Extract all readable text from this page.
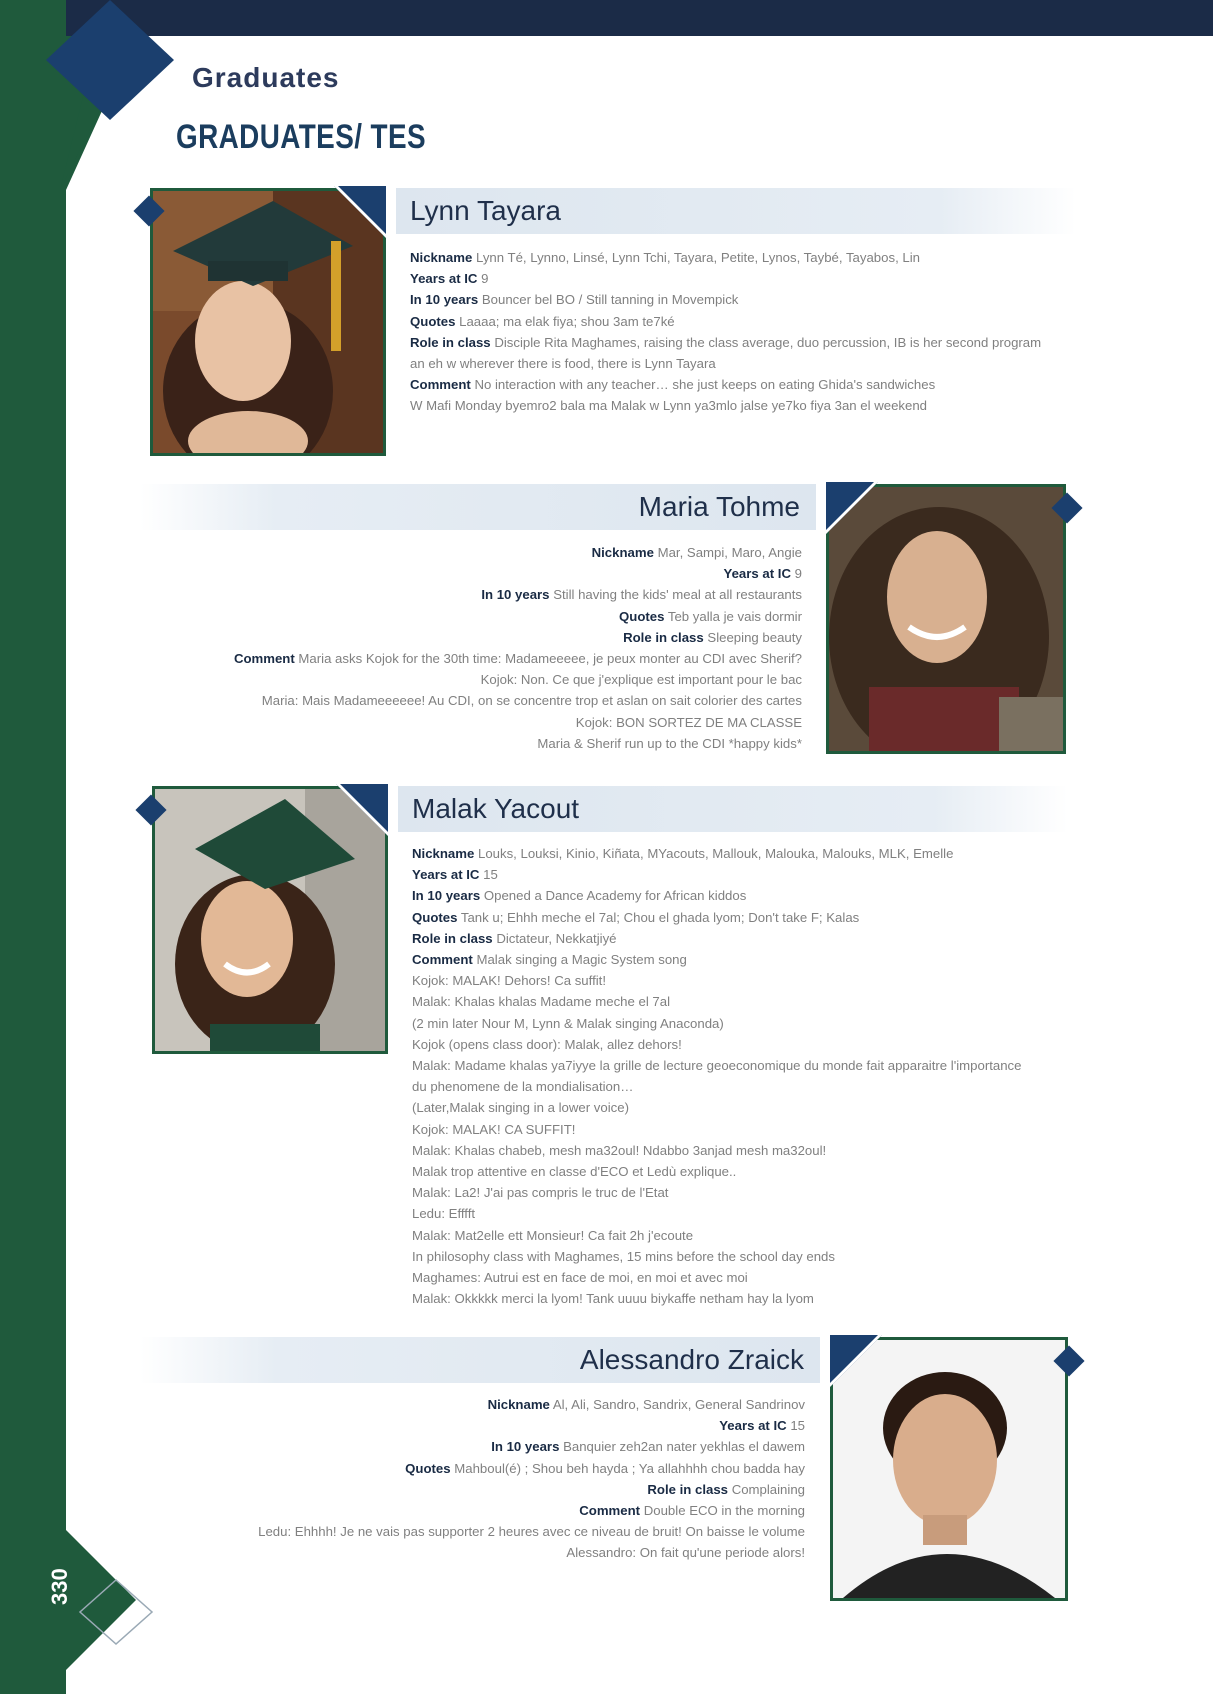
Graduates
GRADUATES/ TES
330
Lynn Tayara
Nickname Lynn Té, Lynno, Linsé, Lynn Tchi, Tayara, Petite, Lynos, Taybé, Tayabos, Lin
Years at IC 9
In 10 years Bouncer bel BO / Still tanning in Movempick
Quotes Laaaa; ma elak fiya; shou 3am te7ké
Role in class Disciple Rita Maghames, raising the class average, duo percussion, IB is her second program
an eh w wherever there is food, there is Lynn Tayara
Comment No interaction with any teacher… she just keeps on eating Ghida's sandwiches
W Mafi Monday byemro2 bala ma Malak w Lynn ya3mlo jalse ye7ko fiya 3an el weekend
Maria Tohme
Nickname Mar, Sampi, Maro, Angie
Years at IC 9
In 10 years Still having the kids' meal at all restaurants
Quotes Teb yalla je vais dormir
Role in class Sleeping beauty
Comment Maria asks Kojok for the 30th time: Madameeeee, je peux monter au CDI avec Sherif?
Kojok: Non. Ce que j'explique est important pour le bac
Maria: Mais Madameeeeee! Au CDI, on se concentre trop et aslan on sait colorier des cartes
Kojok: BON SORTEZ DE MA CLASSE
Maria & Sherif run up to the CDI *happy kids*
Malak Yacout
Nickname Louks, Louksi, Kinio, Kiñata, MYacouts, Mallouk, Malouka, Malouks, MLK, Emelle
Years at IC 15
In 10 years Opened a Dance Academy for African kiddos
Quotes Tank u; Ehhh meche el 7al; Chou el ghada lyom; Don't take F; Kalas
Role in class Dictateur, Nekkatjiyé
Comment Malak singing a Magic System song
Kojok: MALAK! Dehors! Ca suffit!
Malak: Khalas khalas Madame meche el 7al
(2 min later Nour M, Lynn & Malak singing Anaconda)
Kojok (opens class door): Malak, allez dehors!
Malak: Madame khalas ya7iyye la grille de lecture geoeconomique du monde fait apparaitre l'importance
du phenomene de la mondialisation…
(Later,Malak singing in a lower voice)
Kojok: MALAK! CA SUFFIT!
Malak: Khalas chabeb, mesh ma32oul! Ndabbo 3anjad mesh ma32oul!
Malak trop attentive en classe d'ECO et Ledù explique..
Malak: La2! J'ai pas compris le truc de l'Etat
Ledu: Efffft
Malak: Mat2elle ett Monsieur! Ca fait 2h j'ecoute
In philosophy class with Maghames, 15 mins before the school day ends
Maghames: Autrui est en face de moi, en moi et avec moi
Malak: Okkkkk merci la lyom! Tank uuuu biykaffe netham hay la lyom
Alessandro Zraick
Nickname Al, Ali, Sandro, Sandrix, General Sandrinov
Years at IC 15
In 10 years Banquier zeh2an nater yekhlas el dawem
Quotes Mahboul(é) ; Shou beh hayda ; Ya allahhhh chou badda hay
Role in class Complaining
Comment Double ECO in the morning
Ledu: Ehhhh! Je ne vais pas supporter 2 heures avec ce niveau de bruit! On baisse le volume
Alessandro: On fait qu'une periode alors!
